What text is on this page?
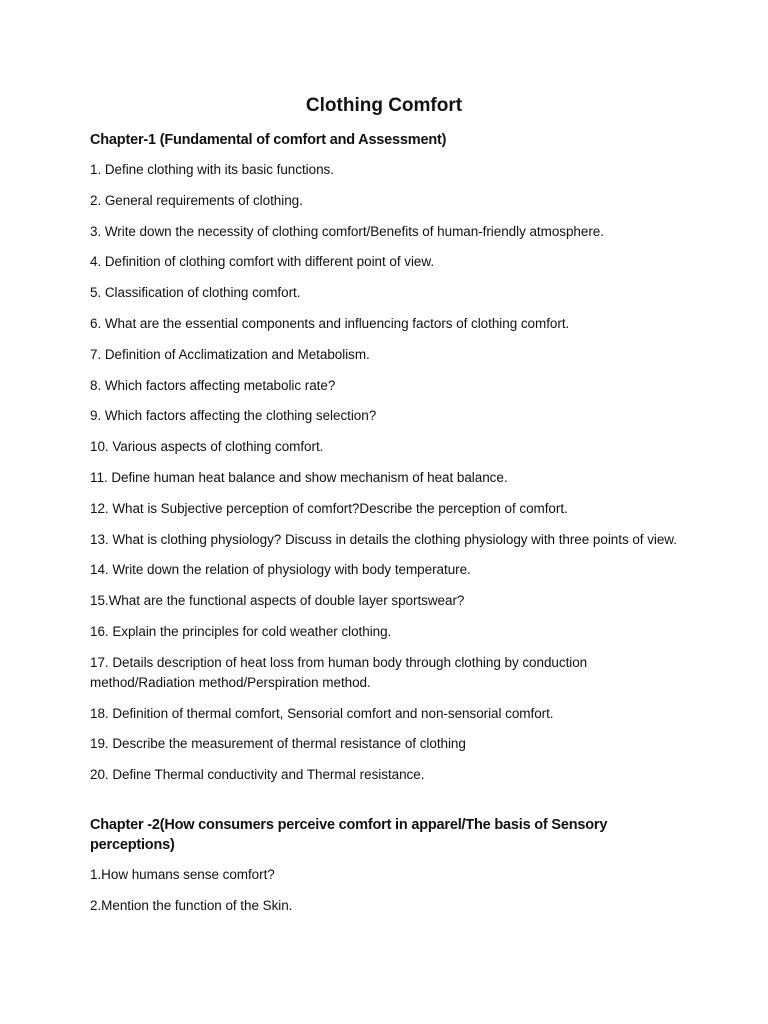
Clothing Comfort
Chapter-1 (Fundamental of comfort and Assessment)

1. Define clothing with its basic functions.

2. General requirements of clothing.

3. Write down the necessity of clothing comfort/Benefits of human-friendly atmosphere.

4. Definition of clothing comfort with different point of view.

5. Classification of clothing comfort.

6. What are the essential components and influencing factors of clothing comfort.

7. Definition of Acclimatization and Metabolism.

8. Which factors affecting metabolic rate?

9. Which factors affecting the clothing selection?

10. Various aspects of clothing comfort.

11. Define human heat balance and show mechanism of heat balance.

12. What is Subjective perception of comfort?Describe the perception of comfort.

13. What is clothing physiology? Discuss in details the clothing physiology with three points of view.

14. Write down the relation of physiology with body temperature.

15.What are the functional aspects of double layer sportswear?

16. Explain the principles for cold weather clothing.

17. Details description of heat loss from human body through clothing by conduction method/Radiation method/Perspiration method.

18. Definition of thermal comfort, Sensorial comfort and non-sensorial comfort.

19. Describe the measurement of thermal resistance of clothing

20. Define Thermal conductivity and Thermal resistance.

Chapter -2(How consumers perceive comfort in apparel/The basis of Sensory perceptions)

1.How humans sense comfort?

2.Mention the function of the Skin.
